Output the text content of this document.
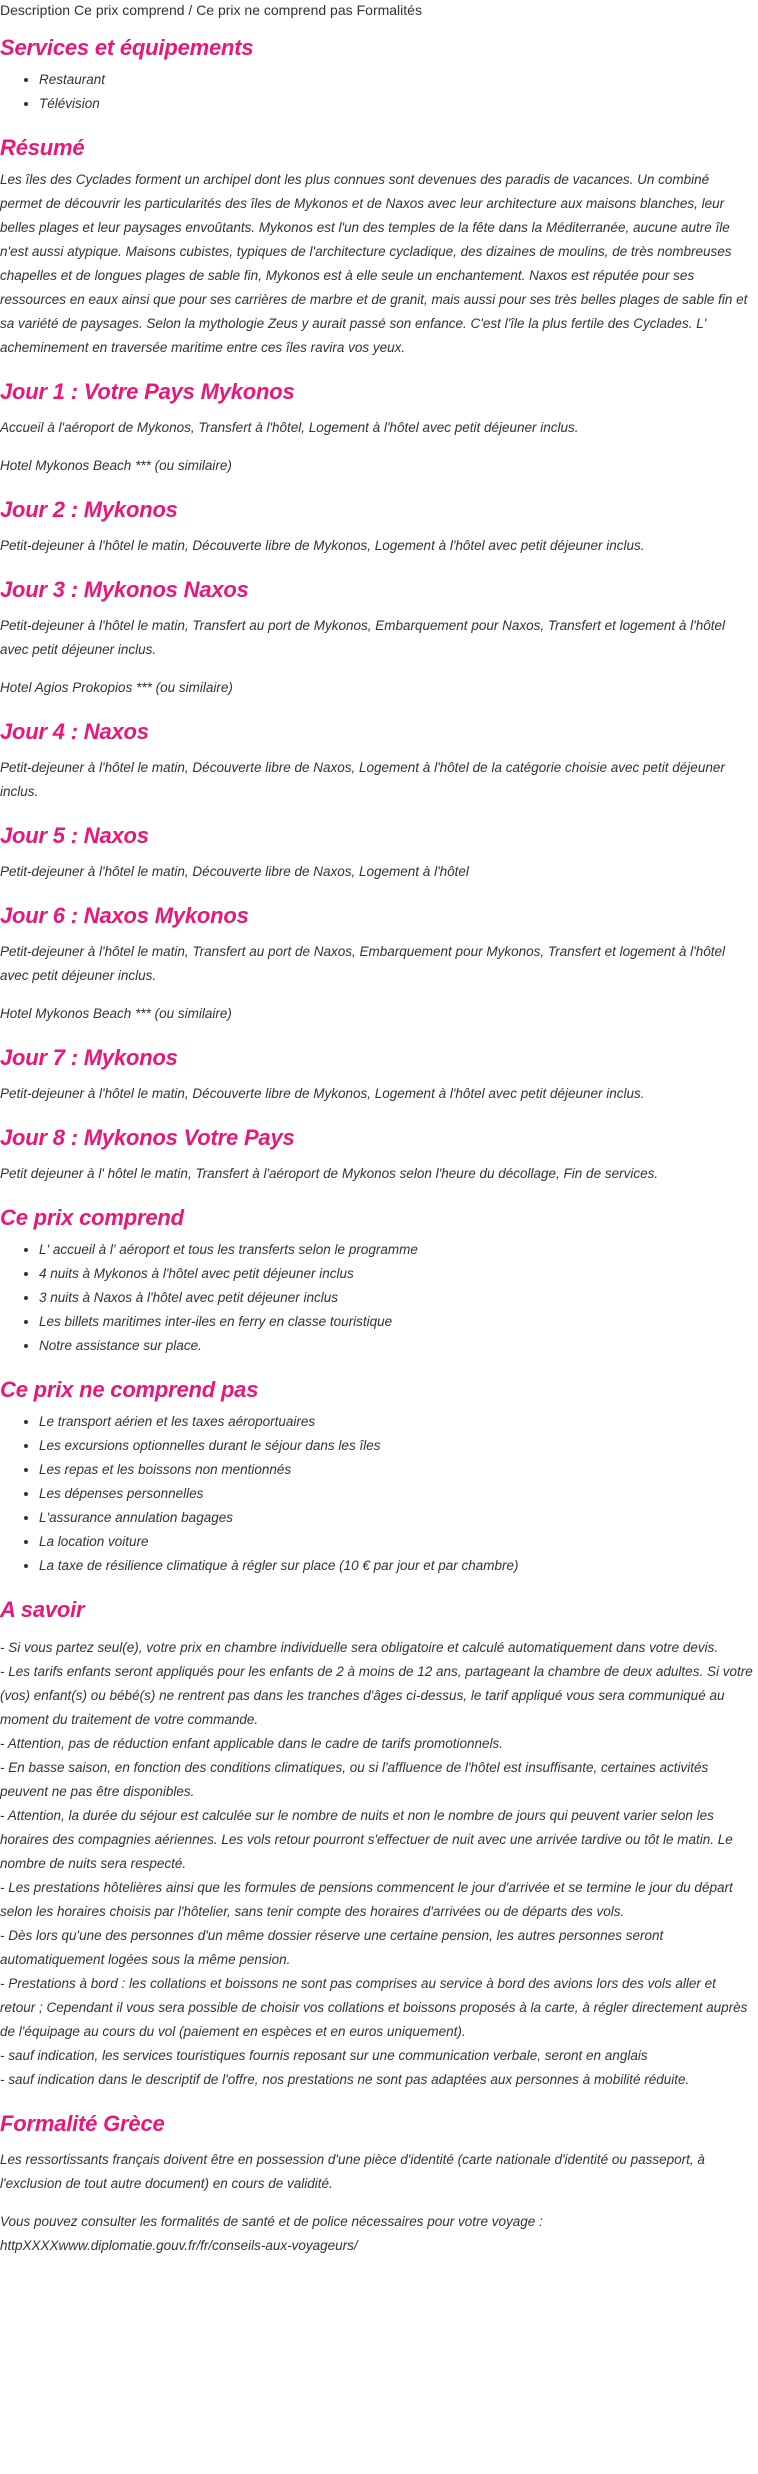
Description Ce prix comprend / Ce prix ne comprend pas Formalités
Services et équipements
• Restaurant
• Télévision
Résumé

Les îles des Cyclades forment un archipel dont les plus connues sont devenues des paradis de vacances. Un combiné permet de découvrir les particularités des îles de Mykonos et de Naxos avec leur architecture aux maisons blanches, leur belles plages et leur paysages envoûtants. Mykonos est l'un des temples de la fête dans la Méditerranée, aucune autre île n'est aussi atypique. Maisons cubistes, typiques de l'architecture cycladique, des dizaines de moulins, de très nombreuses chapelles et de longues plages de sable fin, Mykonos est à elle seule un enchantement. Naxos est réputée pour ses ressources en eaux ainsi que pour ses carrières de marbre et de granit, mais aussi pour ses très belles plages de sable fin et sa variété de paysages. Selon la mythologie Zeus y aurait passé son enfance. C'est l'île la plus fertile des Cyclades. L' acheminement en traversée maritime entre ces îles ravira vos yeux.

Jour 1 : Votre Pays Mykonos

Accueil à l'aéroport de Mykonos, Transfert à l'hôtel, Logement à l'hôtel avec petit déjeuner inclus.

Hotel Mykonos Beach *** (ou similaire)

Jour 2 : Mykonos

Petit-dejeuner à l'hôtel le matin, Découverte libre de Mykonos, Logement à l'hôtel avec petit déjeuner inclus.

Jour 3 : Mykonos Naxos

Petit-dejeuner à l'hôtel le matin, Transfert au port de Mykonos, Embarquement pour Naxos, Transfert et logement à l'hôtel avec petit déjeuner inclus.

Hotel Agios Prokopios *** (ou similaire)

Jour 4 : Naxos

Petit-dejeuner à l'hôtel le matin, Découverte libre de Naxos, Logement à l'hôtel de la catégorie choisie avec petit déjeuner inclus.

Jour 5 : Naxos

Petit-dejeuner à l'hôtel le matin, Découverte libre de Naxos, Logement à l'hôtel

Jour 6 : Naxos Mykonos

Petit-dejeuner à l'hôtel le matin, Transfert au port de Naxos, Embarquement pour Mykonos, Transfert et logement à l'hôtel avec petit déjeuner inclus.

Hotel Mykonos Beach *** (ou similaire)

Jour 7 : Mykonos

Petit-dejeuner à l'hôtel le matin, Découverte libre de Mykonos, Logement à l'hôtel avec petit déjeuner inclus.

Jour 8 : Mykonos Votre Pays

Petit dejeuner à l' hôtel le matin, Transfert à l'aéroport de Mykonos selon l'heure du décollage, Fin de services.

Ce prix comprend
• L' accueil à l' aéroport et tous les transferts selon le programme
• 4 nuits à Mykonos à l'hôtel avec petit déjeuner inclus
• 3 nuits à Naxos à l'hôtel avec petit déjeuner inclus
• Les billets maritimes inter-iles en ferry en classe touristique
• Notre assistance sur place.
Ce prix ne comprend pas
• Le transport aérien et les taxes aéroportuaires
• Les excursions optionnelles durant le séjour dans les îles
• Les repas et les boissons non mentionnés
• Les dépenses personnelles
• L'assurance annulation bagages
• La location voiture
• La taxe de résilience climatique à régler sur place (10 € par jour et par chambre)
A savoir

- Si vous partez seul(e), votre prix en chambre individuelle sera obligatoire et calculé automatiquement dans votre devis.

- Les tarifs enfants seront appliqués pour les enfants de 2 à moins de 12 ans, partageant la chambre de deux adultes. Si votre (vos) enfant(s) ou bébé(s) ne rentrent pas dans les tranches d'âges ci-dessus, le tarif appliqué vous sera communiqué au moment du traitement de votre commande.

- Attention, pas de réduction enfant applicable dans le cadre de tarifs promotionnels.

- En basse saison, en fonction des conditions climatiques, ou si l'affluence de l'hôtel est insuffisante, certaines activités peuvent ne pas être disponibles.

- Attention, la durée du séjour est calculée sur le nombre de nuits et non le nombre de jours qui peuvent varier selon les horaires des compagnies aériennes. Les vols retour pourront s'effectuer de nuit avec une arrivée tardive ou tôt le matin. Le nombre de nuits sera respecté.

- Les prestations hôtelières ainsi que les formules de pensions commencent le jour d'arrivée et se termine le jour du départ selon les horaires choisis par l'hôtelier, sans tenir compte des horaires d'arrivées ou de départs des vols.

- Dès lors qu'une des personnes d'un même dossier réserve une certaine pension, les autres personnes seront automatiquement logées sous la même pension.

- Prestations à bord : les collations et boissons ne sont pas comprises au service à bord des avions lors des vols aller et retour ; Cependant il vous sera possible de choisir vos collations et boissons proposés à la carte, à régler directement auprès de l'équipage au cours du vol (paiement en espèces et en euros uniquement).

- sauf indication, les services touristiques fournis reposant sur une communication verbale, seront en anglais

- sauf indication dans le descriptif de l'offre, nos prestations ne sont pas adaptées aux personnes à mobilité réduite.

Formalité Grèce

Les ressortissants français doivent être en possession d'une pièce d'identité (carte nationale d'identité ou passeport, à l'exclusion de tout autre document) en cours de validité.

Vous pouvez consulter les formalités de santé et de police nécessaires pour votre voyage :

httpXXXXwww.diplomatie.gouv.fr/fr/conseils-aux-voyageurs/
